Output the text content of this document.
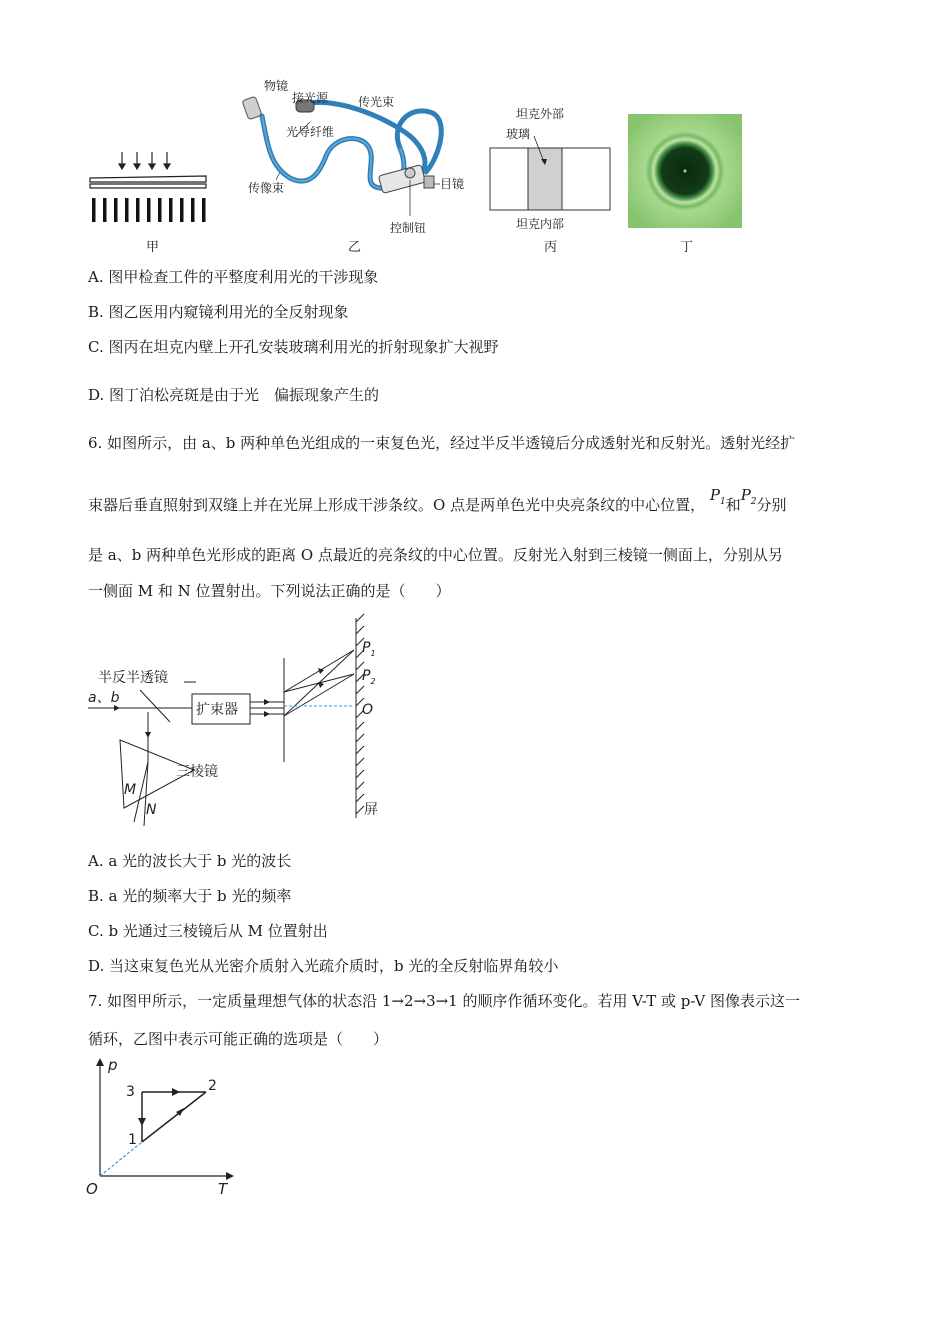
甲
物镜
接光源 传光束
光导纤维
传像束	目镜
控制钮
乙
坦克外部
玻璃
坦克内部
丙	丁
A. 图甲检查工件的平整度利用光的干涉现象
B. 图乙医用内窥镜利用光的全反射现象
C. 图丙在坦克内壁上开孔安装玻璃利用光的折射现象扩大视野
D. 图丁泊松亮斑是由于光　偏振现象产生的
6. 如图所示，由 a、b 两种单色光组成的一束复色光，经过半反半透镜后分成透射光和反射光。透射光经扩
束器后垂直照射到双缝上并在光屏上形成干涉条纹。O 点是两单色光中央亮条纹的中心位置， $P_1$和$P_2$分别
是 a、b 两种单色光形成的距离 O 点最近的亮条纹的中心位置。反射光入射到三棱镜一侧面上，分别从另
一侧面 M 和 N 位置射出。下列说法正确的是（　　）
半反半透镜
a、b
扩束器
三棱镜
$P_1$
$P_2$
O
M
N	屏
A. a 光的波长大于 b 光的波长
B. a 光的频率大于 b 光的频率
C. b 光通过三棱镜后从 M 位置射出
D. 当这束复色光从光密介质射入光疏介质时，b 光的全反射临界角较小
7. 如图甲所示，一定质量理想气体的状态沿 1→2→3→1 的顺序作循环变化。若用 V-T 或 p-V 图像表示这一
循环，乙图中表示可能正确的选项是（　　）
p
T
O
1
2
3
